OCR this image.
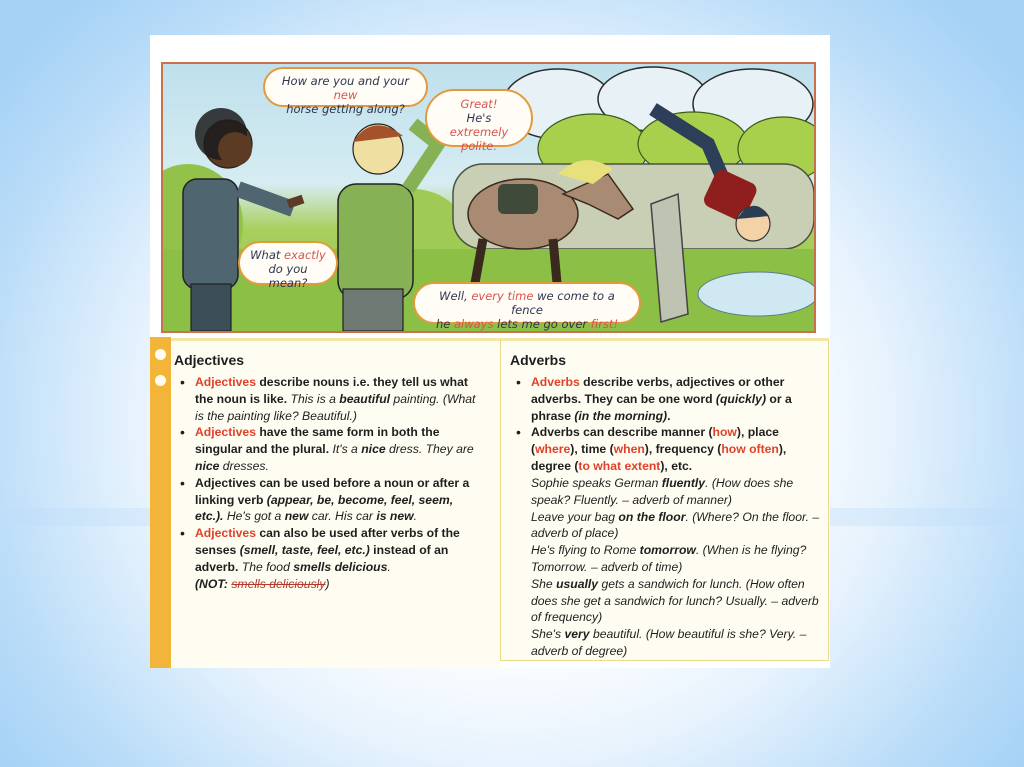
How are you and your new
horse getting along?	Great!
He's extremely
polite.
What exactly
do you mean?
Well, every time we come to a fence
he always lets me go over first!
Adjectives
• Adjectives describe nouns i.e. they tell us what the noun is like. This is a beautiful painting. (What is the painting like? Beautiful.)
• Adjectives have the same form in both the singular and the plural. It's a nice dress. They are nice dresses.
• Adjectives can be used before a noun or after a linking verb (appear, be, become, feel, seem, etc.). He's got a new car. His car is new.
• Adjectives can also be used after verbs of the senses (smell, taste, feel, etc.) instead of an adverb. The food smells delicious.
(NOT: smells deliciously)
Adverbs
• Adverbs describe verbs, adjectives or other adverbs. They can be one word (quickly) or a phrase (in the morning).
• Adverbs can describe manner (how), place (where), time (when), frequency (how often), degree (to what extent), etc.
Sophie speaks German fluently. (How does she speak? Fluently. – adverb of manner)
Leave your bag on the floor. (Where? On the floor. – adverb of place)
He's flying to Rome tomorrow. (When is he flying? Tomorrow. – adverb of time)
She usually gets a sandwich for lunch. (How often does she get a sandwich for lunch? Usually. – adverb of frequency)
She's very beautiful. (How beautiful is she? Very. – adverb of degree)
